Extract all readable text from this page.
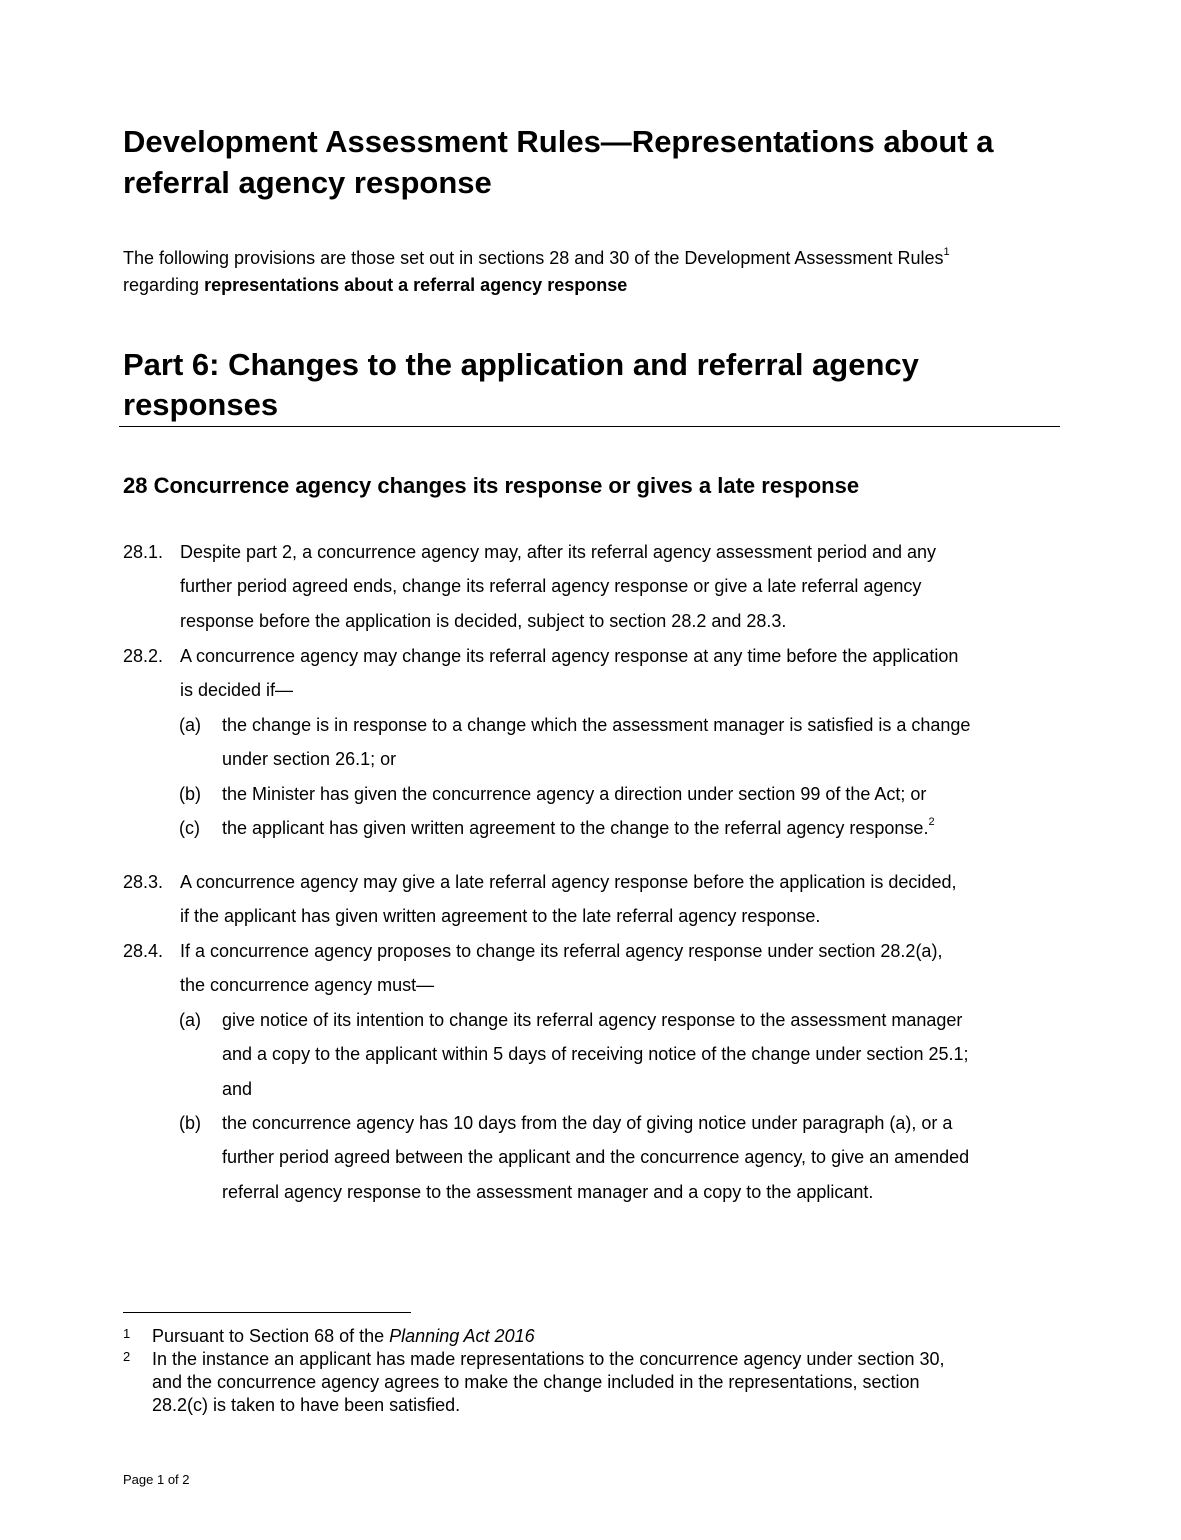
Development Assessment Rules—Representations about a referral agency response

The following provisions are those set out in sections 28 and 30 of the Development Assessment Rules$^1$
regarding representations about a referral agency response

Part 6: Changes to the application and referral agency responses
28 Concurrence agency changes its response or gives a late response
28.1. Despite part 2, a concurrence agency may, after its referral agency assessment period and any
further period agreed ends, change its referral agency response or give a late referral agency
response before the application is decided, subject to section 28.2 and 28.3.
28.2. A concurrence agency may change its referral agency response at any time before the application
is decided if—
(a) the change is in response to a change which the assessment manager is satisfied is a change
under section 26.1; or
(b) the Minister has given the concurrence agency a direction under section 99 of the Act; or
(c) the applicant has given written agreement to the change to the referral agency response.$^2$
28.3. A concurrence agency may give a late referral agency response before the application is decided,
if the applicant has given written agreement to the late referral agency response.
28.4. If a concurrence agency proposes to change its referral agency response under section 28.2(a),
the concurrence agency must—
(a) give notice of its intention to change its referral agency response to the assessment manager
and a copy to the applicant within 5 days of receiving notice of the change under section 25.1;
and
(b) the concurrence agency has 10 days from the day of giving notice under paragraph (a), or a
further period agreed between the applicant and the concurrence agency, to give an amended
referral agency response to the assessment manager and a copy to the applicant.
1 Pursuant to Section 68 of the Planning Act 2016
2 In the instance an applicant has made representations to the concurrence agency under section 30,
and the concurrence agency agrees to make the change included in the representations, section
28.2(c) is taken to have been satisfied.
Page 1 of 2
